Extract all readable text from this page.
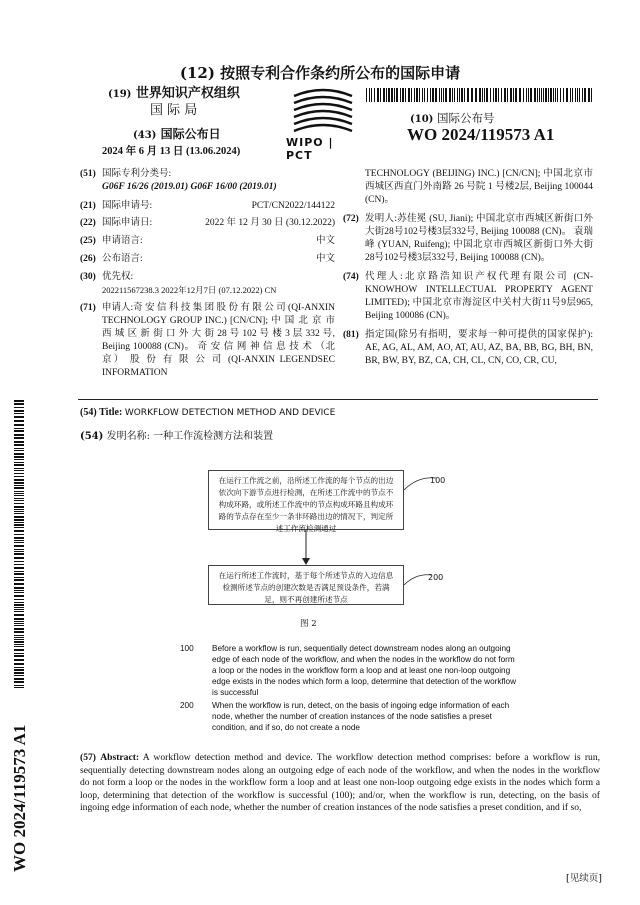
(12) 按照专利合作条约所公布的国际申请
(19) 世界知识产权组织
国 际 局
(43) 国际公布日
2024 年 6 月 13 日 (13.06.2024)
WIPO | PCT
(10) 国际公布号
WO 2024/119573 A1
(51) 国际专利分类号:
G06F 16/26 (2019.01) G06F 16/00 (2019.01)
(21) 国际申请号:	PCT/CN2022/144122
(22) 国际申请日:	2022 年 12 月 30 日 (30.12.2022)
(25) 申请语言:	中文
(26) 公布语言:	中文
(30) 优先权:
202211567238.3 2022年12月7日 (07.12.2022) CN
(71) 申请人:奇 安 信 科 技 集 团 股 份 有 限 公 司 (QI-ANXIN TECHNOLOGY GROUP INC.) [CN/CN]; 中 国 北 京 市 西 城 区 新 街 口 外 大 街 28 号 102 号 楼 3 层 332 号, Beijing 100088 (CN)。 奇 安 信 网 神 信 息 技 术 （北 京） 股 份 有 限 公 司 (QI-ANXIN LEGENDSEC INFORMATION
TECHNOLOGY (BEIJING) INC.) [CN/CN]; 中国北京市西城区西直门外南路 26 号院 1 号楼2层, Beijing 100044 (CN)。
(72) 发明人:苏佳冕 (SU, Jiani); 中国北京市西城区新街口外大街28号102号楼3层332号, Beijing 100088 (CN)。 袁瑞峰 (YUAN, Ruifeng); 中国北京市西城区新街口外大街28号102号楼3层332号, Beijing 100088 (CN)。
(74) 代理人:北京路浩知识产权代理有限公司 (CN-KNOWHOW INTELLECTUAL PROPERTY AGENT LIMITED); 中国北京市海淀区中关村大街11号9层965, Beijing 100086 (CN)。
(81) 指定国(除另有指明，要求每一种可提供的国家保护): AE, AG, AL, AM, AO, AT, AU, AZ, BA, BB, BG, BH, BN, BR, BW, BY, BZ, CA, CH, CL, CN, CO, CR, CU,
(54) Title: WORKFLOW DETECTION METHOD AND DEVICE
(54) 发明名称: 一种工作流检测方法和装置
在运行工作流之前，沿所述工作流的每个节点的出边依次向下游节点进行检测，在所述工作流中的节点不构成环路，或所述工作流中的节点构成环路且构成环路的节点存在至少一条非环路出边的情况下，判定所述工作流检测通过
100
在运行所述工作流时，基于每个所述节点的入边信息检测所述节点的创建次数是否满足预设条件，若满足，则不再创建所述节点
200
图 2
100	Before a workflow is run, sequentially detect downstream nodes along an outgoing edge of each node of the workflow, and when the nodes in the workflow do not form a loop or the nodes in the workflow form a loop and at least one non-loop outgoing edge exists in the nodes which form a loop, determine that detection of the workflow is successful
200	When the workflow is run, detect, on the basis of ingoing edge information of each node, whether the number of creation instances of the node satisfies a preset condition, and if so, do not create a node
(57) Abstract: A workflow detection method and device. The workflow detection method comprises: before a workflow is run, sequentially detecting downstream nodes along an outgoing edge of each node of the workflow, and when the nodes in the workflow do not form a loop or the nodes in the workflow form a loop and at least one non-loop outgoing edge exists in the nodes which form a loop, determining that detection of the workflow is successful (100); and/or, when the workflow is run, detecting, on the basis of ingoing edge information of each node, whether the number of creation instances of the node satisfies a preset condition, and if so,
WO 2024/119573 A1
[见续页]
